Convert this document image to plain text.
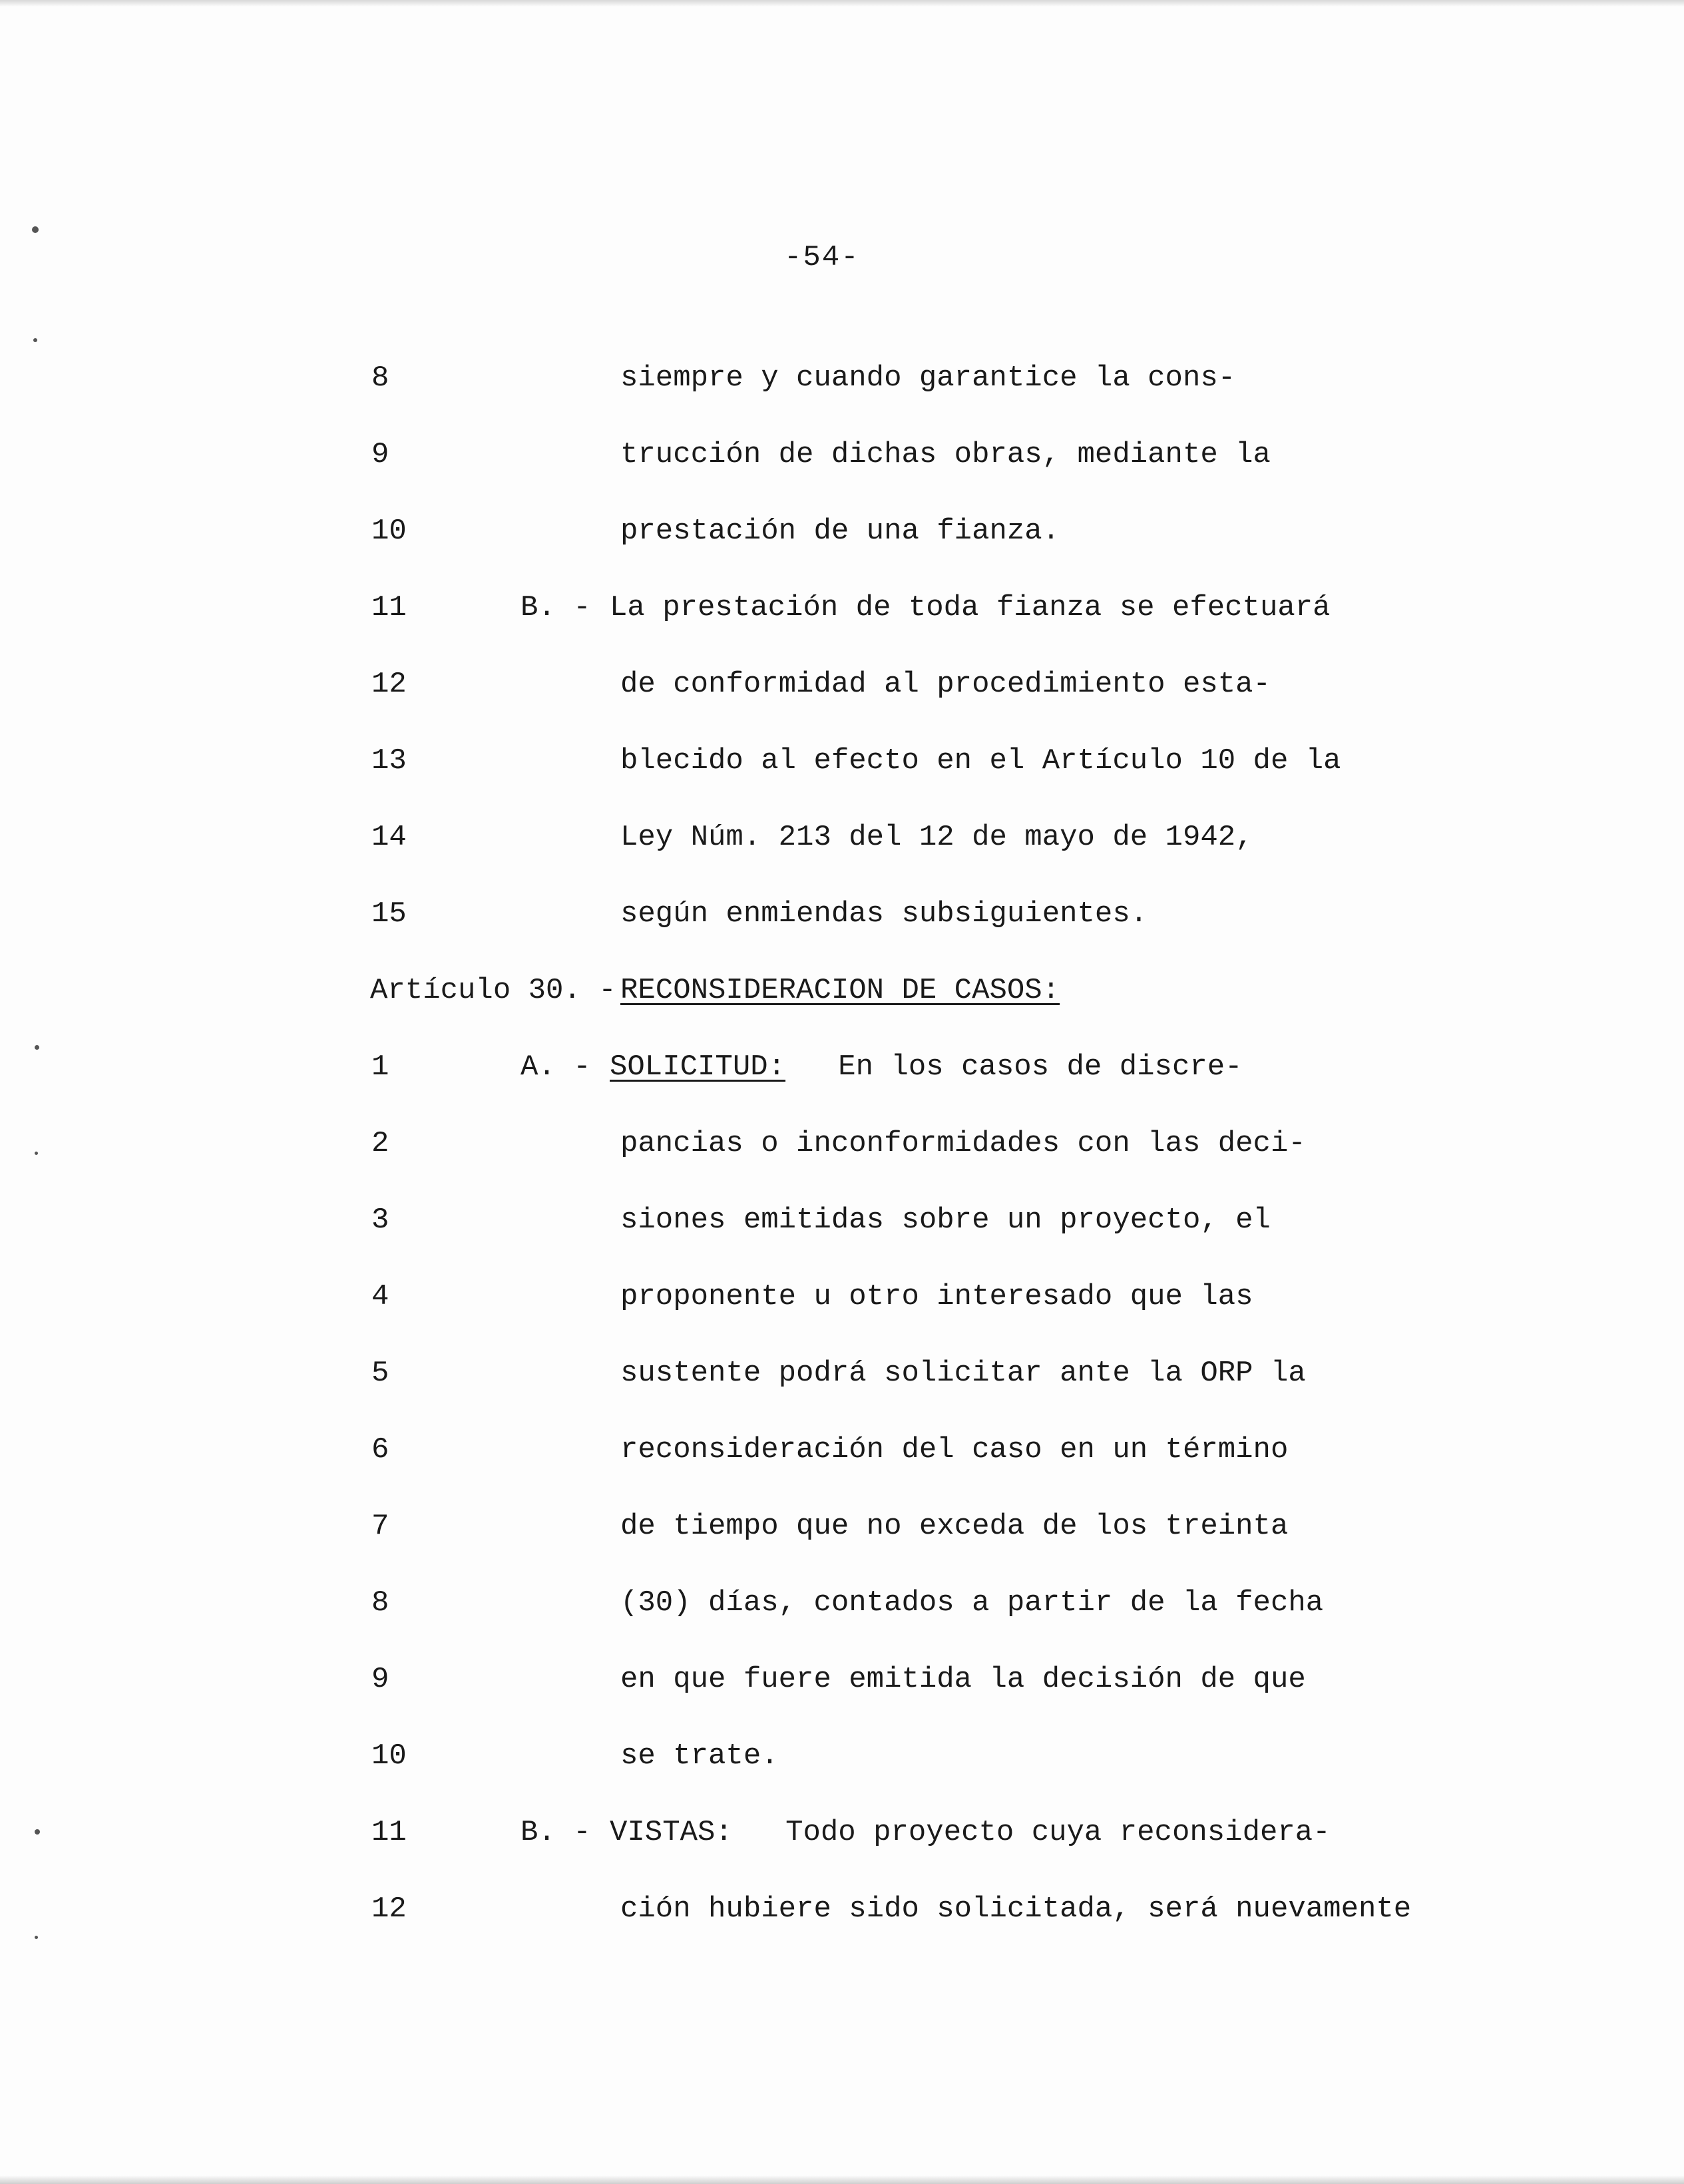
-54-
8	siempre y cuando garantice la cons-
9	trucción de dichas obras, mediante la
10	prestación de una fianza.
11	B. - La prestación de toda fianza se efectuará
12	de conformidad al procedimiento esta-
13	blecido al efecto en el Artículo 10 de la
14	Ley Núm. 213 del 12 de mayo de 1942,
15	según enmiendas subsiguientes.
Artículo 30. - RECONSIDERACION DE CASOS:
1	A. - SOLICITUD: En los casos de discre-
2	pancias o inconformidades con las deci-
3	siones emitidas sobre un proyecto, el
4	proponente u otro interesado que las
5	sustente podrá solicitar ante la ORP la
6	reconsideración del caso en un término
7	de tiempo que no exceda de los treinta
8	(30) días, contados a partir de la fecha
9	en que fuere emitida la decisión de que
10	se trate.
11	B. - VISTAS: Todo proyecto cuya reconsidera-
12	ción hubiere sido solicitada, será nuevamente
